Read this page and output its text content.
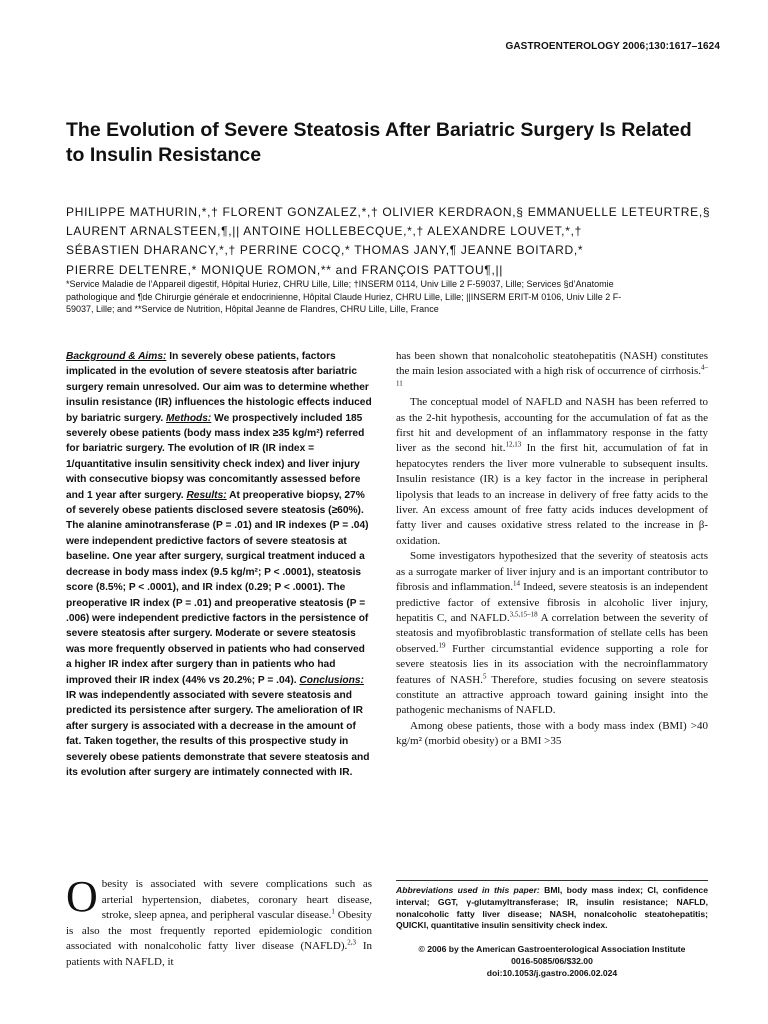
GASTROENTEROLOGY 2006;130:1617–1624
The Evolution of Severe Steatosis After Bariatric Surgery Is Related to Insulin Resistance
PHILIPPE MATHURIN,*,† FLORENT GONZALEZ,*,† OLIVIER KERDRAON,§ EMMANUELLE LETEURTRE,§
LAURENT ARNALSTEEN,¶,|| ANTOINE HOLLEBECQUE,*,† ALEXANDRE LOUVET,*,†
SÉBASTIEN DHARANCY,*,† PERRINE COCQ,* THOMAS JANY,¶ JEANNE BOITARD,*
PIERRE DELTENRE,* MONIQUE ROMON,** and FRANÇOIS PATTOU¶,||
*Service Maladie de l’Appareil digestif, Hôpital Huriez, CHRU Lille, Lille; †INSERM 0114, Univ Lille 2 F-59037, Lille; Services §d’Anatomie
pathologique and ¶de Chirurgie générale et endocrinienne, Hôpital Claude Huriez, CHRU Lille, Lille; ||INSERM ERIT-M 0106, Univ Lille 2 F-
59037, Lille; and **Service de Nutrition, Hôpital Jeanne de Flandres, CHRU Lille, Lille, France

Background & Aims: In severely obese patients, factors implicated in the evolution of severe steatosis after bariatric surgery remain unresolved. Our aim was to determine whether insulin resistance (IR) influences the histologic effects induced by bariatric surgery. Methods: We prospectively included 185 severely obese patients (body mass index ≥35 kg/m²) referred for bariatric surgery. The evolution of IR (IR index = 1/quantitative insulin sensitivity check index) and liver injury with consecutive biopsy was concomitantly assessed before and 1 year after surgery. Results: At preoperative biopsy, 27% of severely obese patients disclosed severe steatosis (≥60%). The alanine aminotransferase (P = .01) and IR indexes (P = .04) were independent predictive factors of severe steatosis at baseline. One year after surgery, surgical treatment induced a decrease in body mass index (9.5 kg/m²; P < .0001), steatosis score (8.5%; P < .0001), and IR index (0.29; P < .0001). The preoperative IR index (P = .01) and preoperative steatosis (P = .006) were independent predictive factors in the persistence of severe steatosis after surgery. Moderate or severe steatosis was more frequently observed in patients who had conserved a higher IR index after surgery than in patients who had improved their IR index (44% vs 20.2%; P = .04). Conclusions: IR was independently associated with severe steatosis and predicted its persistence after surgery. The amelioration of IR after surgery is associated with a decrease in the amount of fat. Taken together, the results of this prospective study in severely obese patients demonstrate that severe steatosis and its evolution after surgery are intimately connected with IR.

Obesity is associated with severe complications such as arterial hypertension, diabetes, coronary heart disease, stroke, sleep apnea, and peripheral vascular disease.$^1$ Obesity is also the most frequently reported epidemiologic condition associated with nonalcoholic fatty liver disease (NAFLD).$^{2,3}$ In patients with NAFLD, it

has been shown that nonalcoholic steatohepatitis (NASH) constitutes the main lesion associated with a high risk of occurrence of cirrhosis.$^{4-11}$

The conceptual model of NAFLD and NASH has been referred to as the 2-hit hypothesis, accounting for the accumulation of fat as the first hit and development of an inflammatory response in the fatty liver as the second hit.$^{12,13}$ In the first hit, accumulation of fat in hepatocytes renders the liver more vulnerable to subsequent insults. Insulin resistance (IR) is a key factor in the increase in peripheral lipolysis that leads to an increase in delivery of free fatty acids to the liver. An excess amount of free fatty acids induces development of fatty liver and causes oxidative stress related to the increase in β-oxidation.

Some investigators hypothesized that the severity of steatosis acts as a surrogate marker of liver injury and is an important contributor to fibrosis and inflammation.$^{14}$ Indeed, severe steatosis is an independent predictive factor of extensive fibrosis in alcoholic liver injury, hepatitis C, and NAFLD.$^{3,5,15-18}$ A correlation between the severity of steatosis and myofibroblastic transformation of stellate cells has been observed.$^{19}$ Further circumstantial evidence supporting a role for severe steatosis lies in its association with the necroinflammatory features of NASH.$^5$ Therefore, studies focusing on severe steatosis constitute an attractive approach toward gaining insight into the pathogenic mechanisms of NAFLD.

Among obese patients, those with a body mass index (BMI) >40 kg/m² (morbid obesity) or a BMI >35

Abbreviations used in this paper: BMI, body mass index; CI, confidence interval; GGT, γ-glutamyltransferase; IR, insulin resistance; NAFLD, nonalcoholic fatty liver disease; NASH, nonalcoholic steatohepatitis; QUICKI, quantitative insulin sensitivity check index.

© 2006 by the American Gastroenterological Association Institute
0016-5085/06/$32.00
doi:10.1053/j.gastro.2006.02.024
